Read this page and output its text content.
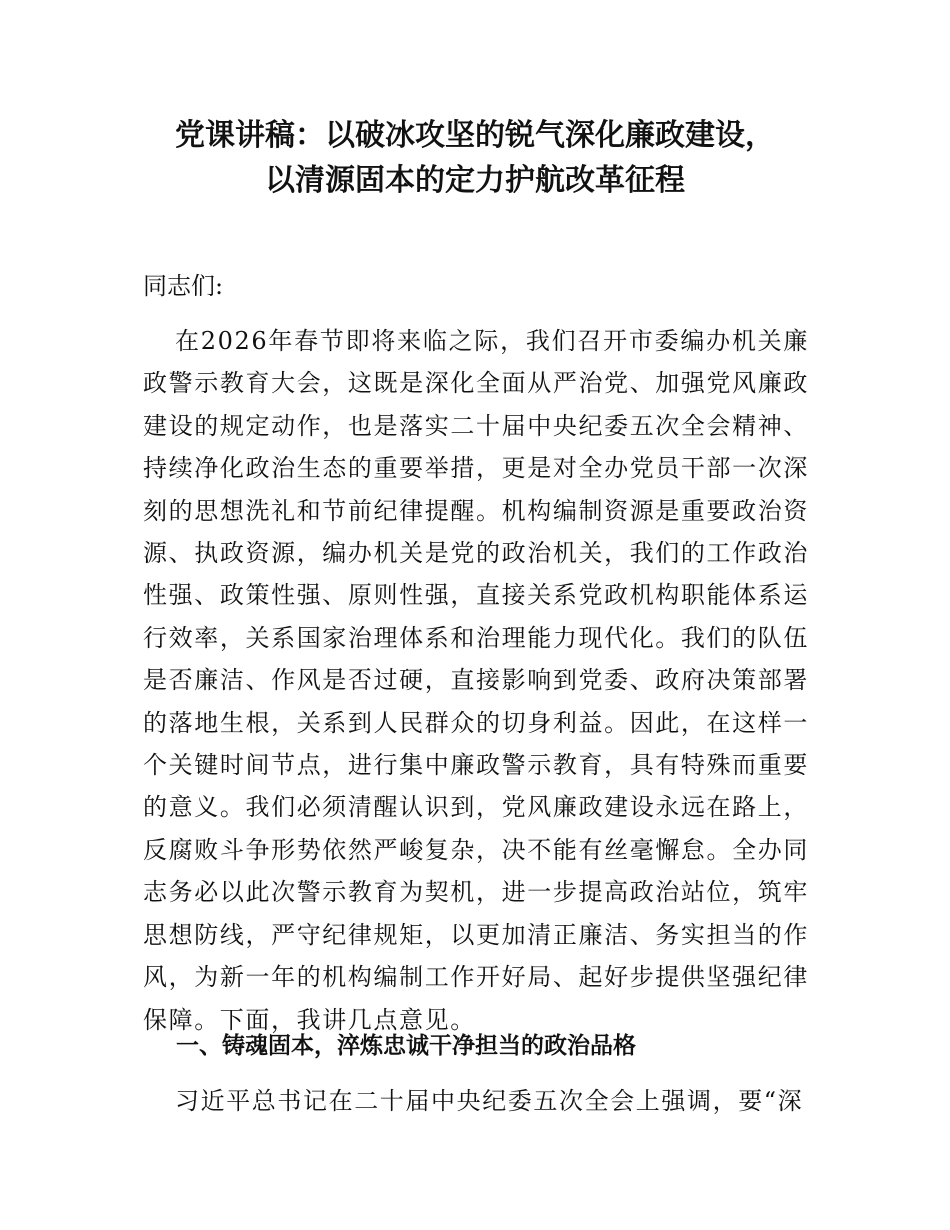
党课讲稿：以破冰攻坚的锐气深化廉政建设，
以清源固本的定力护航改革征程

同志们:

在2026年春节即将来临之际，我们召开市委编办机关廉政警示教育大会，这既是深化全面从严治党、加强党风廉政建设的规定动作，也是落实二十届中央纪委五次全会精神、持续净化政治生态的重要举措，更是对全办党员干部一次深刻的思想洗礼和节前纪律提醒。机构编制资源是重要政治资源、执政资源，编办机关是党的政治机关，我们的工作政治性强、政策性强、原则性强，直接关系党政机构职能体系运行效率，关系国家治理体系和治理能力现代化。我们的队伍是否廉洁、作风是否过硬，直接影响到党委、政府决策部署的落地生根，关系到人民群众的切身利益。因此，在这样一个关键时间节点，进行集中廉政警示教育，具有特殊而重要的意义。我们必须清醒认识到，党风廉政建设永远在路上，反腐败斗争形势依然严峻复杂，决不能有丝毫懈怠。全办同志务必以此次警示教育为契机，进一步提高政治站位，筑牢思想防线，严守纪律规矩，以更加清正廉洁、务实担当的作风，为新一年的机构编制工作开好局、起好步提供坚强纪律保障。下面，我讲几点意见。

一、铸魂固本，淬炼忠诚干净担当的政治品格

习近平总书记在二十届中央纪委五次全会上强调，要“深
